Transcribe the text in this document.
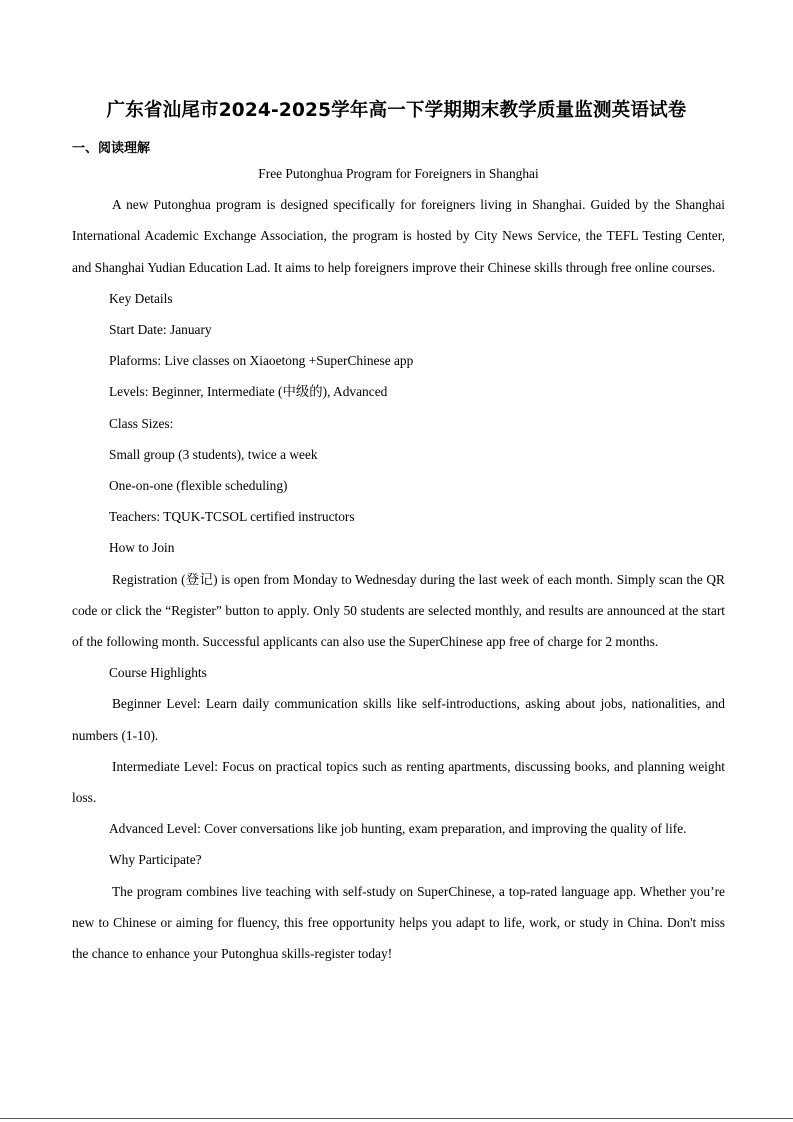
广东省汕尾市2024-2025学年高一下学期期末教学质量监测英语试卷
一、阅读理解

Free Putonghua Program for Foreigners in Shanghai

A new Putonghua program is designed specifically for foreigners living in Shanghai. Guided by the Shanghai International Academic Exchange Association, the program is hosted by City News Service, the TEFL Testing Center, and Shanghai Yudian Education Lad. It aims to help foreigners improve their Chinese skills through free online courses.

Key Details

Start Date: January

Plaforms: Live classes on Xiaoetong +SuperChinese app

Levels: Beginner, Intermediate (中级的), Advanced

Class Sizes:

Small group (3 students), twice a week

One-on-one (flexible scheduling)

Teachers: TQUK-TCSOL certified instructors

How to Join

Registration (登记) is open from Monday to Wednesday during the last week of each month. Simply scan the QR code or click the “Register” button to apply. Only 50 students are selected monthly, and results are announced at the start of the following month. Successful applicants can also use the SuperChinese app free of charge for 2 months.

Course Highlights

Beginner Level: Learn daily communication skills like self-introductions, asking about jobs, nationalities, and numbers (1-10).

Intermediate Level: Focus on practical topics such as renting apartments, discussing books, and planning weight loss.

Advanced Level: Cover conversations like job hunting, exam preparation, and improving the quality of life.

Why Participate?

The program combines live teaching with self-study on SuperChinese, a top-rated language app. Whether you’re new to Chinese or aiming for fluency, this free opportunity helps you adapt to life, work, or study in China. Don't miss the chance to enhance your Putonghua skills-register today!
